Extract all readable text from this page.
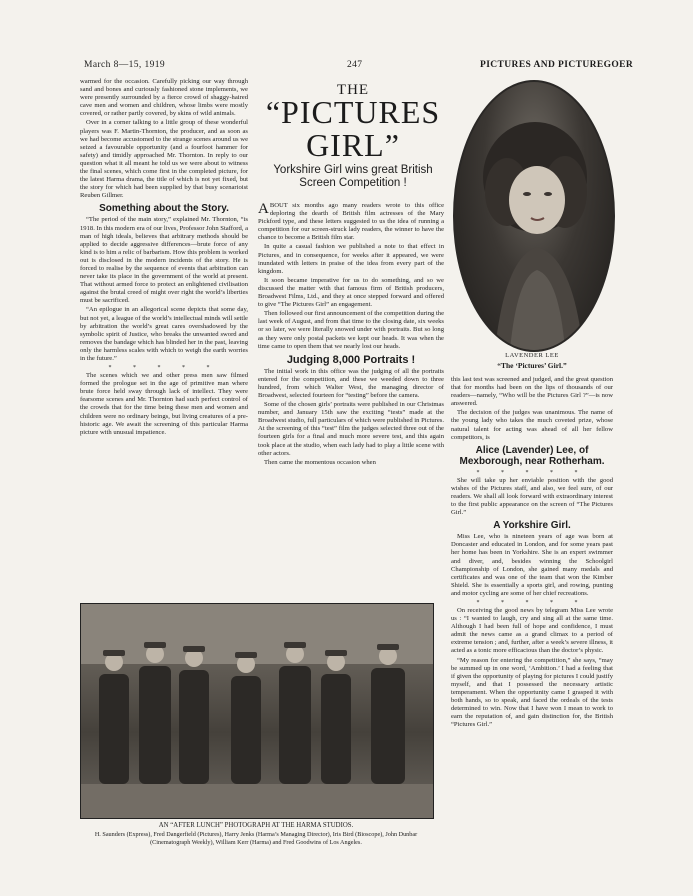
March 8—15, 1919	247	PICTURES AND PICTUREGOER

warmed for the occasion. Carefully picking our way through sand and bones and curiously fashioned stone implements, we were presently surrounded by a fierce crowd of shaggy-haired cave men and women and children, whose limbs were mostly covered, or rather partly covered, by skins of wild animals.

Over in a corner talking to a little group of these wonderful players was F. Martin-Thornton, the producer, and as soon as we had become accustomed to the strange scenes around us we seized a favourable opportunity (and a fourfoot hammer for safety) and timidly approached Mr. Thornton. In reply to our question what it all meant he told us we were about to witness the final scenes, which come first in the completed picture, for the latest Harma drama, the title of which is not yet fixed, but the story for which had been supplied by that busy scenarioist Reuben Gillmer.

Something about the Story.

“The period of the main story,” explained Mr. Thornton, “is 1918. In this modern era of our lives, Professor John Stafford, a man of high ideals, believes that arbitrary methods should be applied to decide aggressive differences—brute force of any kind is to him a relic of barbarism. How this problem is worked out is disclosed in the modern incidents of the story. He is forced to realise by the sequence of events that arbitration can never take its place in the government of the world at present. That without armed force to protect an enlightened civilisation against the brutal creed of might over right the world’s liberties must be sacrificed.

“An epilogue in an allegorical scene depicts that some day, but not yet, a league of the world’s intellectual minds will settle by arbitration the world’s great cares overshadowed by the symbolic spirit of Justice, who breaks the unwanted sword and removes the bandage which has blinded her in the past, leaving only the harmless scales with which to weigh the earth worries in the future.”

* * * * *

The scenes which we and other press men saw filmed formed the prologue set in the age of primitive man where brute force held sway through lack of intellect. They were fearsome scenes and Mr. Thornton had such perfect control of the crowds that for the time being these men and women and children were no ordinary beings, but living creatures of a pre-historic age. We await the screening of this particular Harma picture with unusual impatience.

THE
“PICTURES GIRL”
Yorkshire Girl wins great British Screen Competition !

ABOUT six months ago many readers wrote to this office deploring the dearth of British film actresses of the Mary Pickford type, and these letters suggested to us the idea of running a competition for our screen-struck lady readers, the winner to have the chance to become a British film star.

In quite a casual fashion we published a note to that effect in Pictures, and in consequence, for weeks after it appeared, we were inundated with letters in praise of the idea from every part of the kingdom.

It soon became imperative for us to do something, and so we discussed the matter with that famous firm of British producers, Broadwest Films, Ltd., and they at once stepped forward and offered to give “The Pictures Girl” an engagement.

Then followed our first announcement of the competition during the last week of August, and from that time to the closing date, six weeks or so later, we were literally snowed under with portraits. But so long as they were only postal packets we kept our heads. It was when the time came to open them that we nearly lost our heads.

Judging 8,000 Portraits !

The initial work in this office was the judging of all the portraits entered for the competition, and these we weeded down to three hundred, from which Walter West, the managing director of Broadwest, selected fourteen for “testing” before the camera.

Some of the chosen girls’ portraits were published in our Christmas number, and January 15th saw the exciting “tests” made at the Broadwest studio, full particulars of which were published in Pictures. At the screening of this “test” film the judges selected three out of the fourteen girls for a final and much more severe test, and this again took place at the studio, when each lady had to play a little scene with other actors.

Then came the momentous occasion when

LAVENDER LEE
“The ‘Pictures’ Girl.”

this last test was screened and judged, and the great question that for months had been on the lips of thousands of our readers—namely, “Who will be the Pictures Girl ?”—is now answered.

The decision of the judges was unanimous. The name of the young lady who takes the much coveted prize, whose natural talent for acting was ahead of all her fellow competitors, is

Alice (Lavender) Lee, of Mexborough, near Rotherham.
* * * * *

She will take up her enviable position with the good wishes of the Pictures staff, and also, we feel sure, of our readers. We shall all look forward with extraordinary interest to the first public appearance on the screen of “The Pictures Girl.”

A Yorkshire Girl.

Miss Lee, who is nineteen years of age was born at Doncaster and educated in London, and for some years past her home has been in Yorkshire. She is an expert swimmer and diver, and, besides winning the Schoolgirl Championship of London, she gained many medals and certificates and was one of the team that won the Kimber Shield. She is essentially a sports girl, and rowing, punting and motor cycling are some of her chief recreations.

* * * * *

On receiving the good news by telegram Miss Lee wrote us : “I wanted to laugh, cry and sing all at the same time. Although I had been full of hope and confidence, I must admit the news came as a grand climax to a period of extreme tension ; and, further, after a week’s severe illness, it acted as a tonic more efficacious than the doctor’s physic.

“My reason for entering the competition,” she says, “may be summed up in one word, ‘Ambition.’ I had a feeling that if given the opportunity of playing for pictures I could justify myself, and that I possessed the necessary artistic temperament. When the opportunity came I grasped it with both hands, so to speak, and faced the ordeals of the tests determined to win. Now that I have won I mean to work to earn the reputation of, and gain distinction for, the British “Pictures Girl.”

AN “AFTER LUNCH” PHOTOGRAPH AT THE HARMA STUDIOS.
H. Saunders (Express), Fred Dangerfield (Pictures), Harry Jenks (Harma’s Managing Director), Iris Bird (Bioscope), John Dunbar (Cinematograph Weekly), William Kerr (Harma) and Fred Goodwins of Los Angeles.
